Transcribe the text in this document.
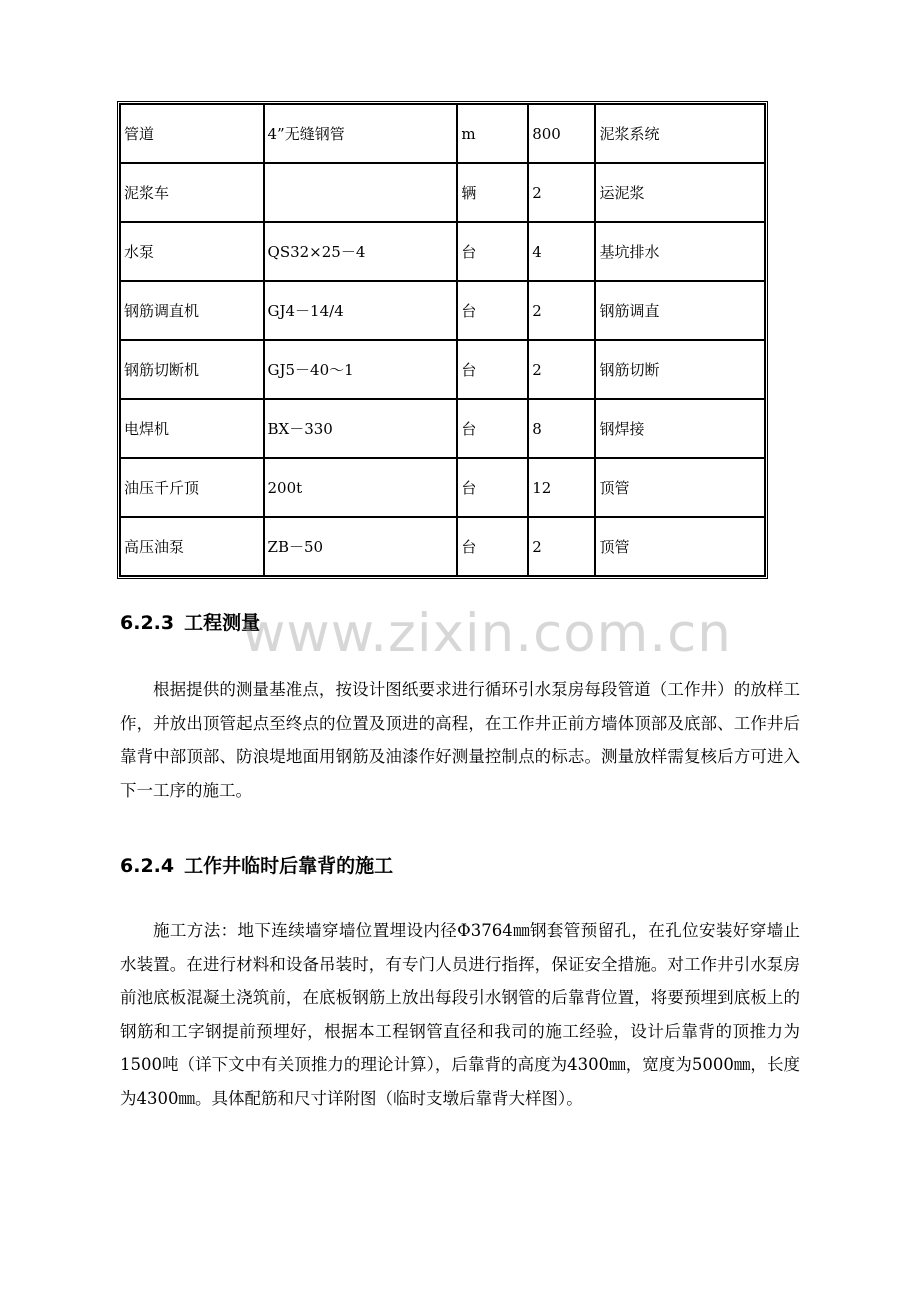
管道	4”无缝钢管	m	800	泥浆系统
泥浆车		辆	2	运泥浆
水泵	QS32×25－4	台	4	基坑排水
钢筋调直机	GJ4－14/4	台	2	钢筋调直
钢筋切断机	GJ5－40～1	台	2	钢筋切断
电焊机	BX－330	台	8	钢焊接
油压千斤顶	200t	台	12	顶管
高压油泵	ZB－50	台	2	顶管
6.2.3 工程测量

根据提供的测量基准点，按设计图纸要求进行循环引水泵房每段管道（工作井）的放样工作，并放出顶管起点至终点的位置及顶进的高程，在工作井正前方墙体顶部及底部、工作井后靠背中部顶部、防浪堤地面用钢筋及油漆作好测量控制点的标志。测量放样需复核后方可进入下一工序的施工。

6.2.4 工作井临时后靠背的施工

施工方法：地下连续墙穿墙位置埋设内径Φ3764㎜钢套管预留孔，在孔位安装好穿墙止水装置。在进行材料和设备吊装时，有专门人员进行指挥，保证安全措施。对工作井引水泵房前池底板混凝土浇筑前，在底板钢筋上放出每段引水钢管的后靠背位置，将要预埋到底板上的钢筋和工字钢提前预埋好，根据本工程钢管直径和我司的施工经验，设计后靠背的顶推力为1500吨（详下文中有关顶推力的理论计算），后靠背的高度为4300㎜，宽度为5000㎜，长度为4300㎜。具体配筋和尺寸详附图（临时支墩后靠背大样图）。

www.zixin.com.cn
